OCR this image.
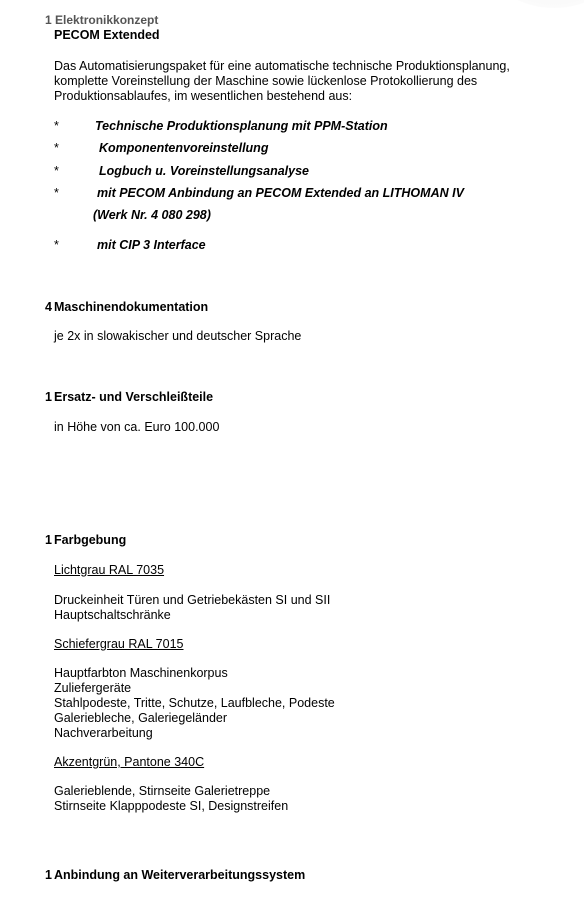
1 Elektronikkonzept
PECOM Extended
Das Automatisierungspaket für eine automatische technische Produktionsplanung,
komplette Voreinstellung der Maschine sowie lückenlose Protokollierung des
Produktionsablaufes, im wesentlichen bestehend aus:
*	Technische Produktionsplanung mit PPM-Station
*	Komponentenvoreinstellung
*	Logbuch u. Voreinstellungsanalyse
*	mit PECOM Anbindung an PECOM Extended an LITHOMAN IV
(Werk Nr. 4 080 298)
*	mit CIP 3 Interface
4 Maschinendokumentation
je 2x in slowakischer und deutscher Sprache
1 Ersatz- und Verschleißteile
in Höhe von ca. Euro 100.000
1 Farbgebung
Lichtgrau RAL 7035
Druckeinheit Türen und Getriebekästen SI und SII
Hauptschaltschränke
Schiefergrau RAL 7015
Hauptfarbton Maschinenkorpus
Zuliefergeräte
Stahlpodeste, Tritte, Schutze, Laufbleche, Podeste
Galeriebleche, Galeriegeländer
Nachverarbeitung
Akzentgrün, Pantone 340C
Galerieblende, Stirnseite Galerietreppe
Stirnseite Klapppodeste SI, Designstreifen
1 Anbindung an Weiterverarbeitungssystem
